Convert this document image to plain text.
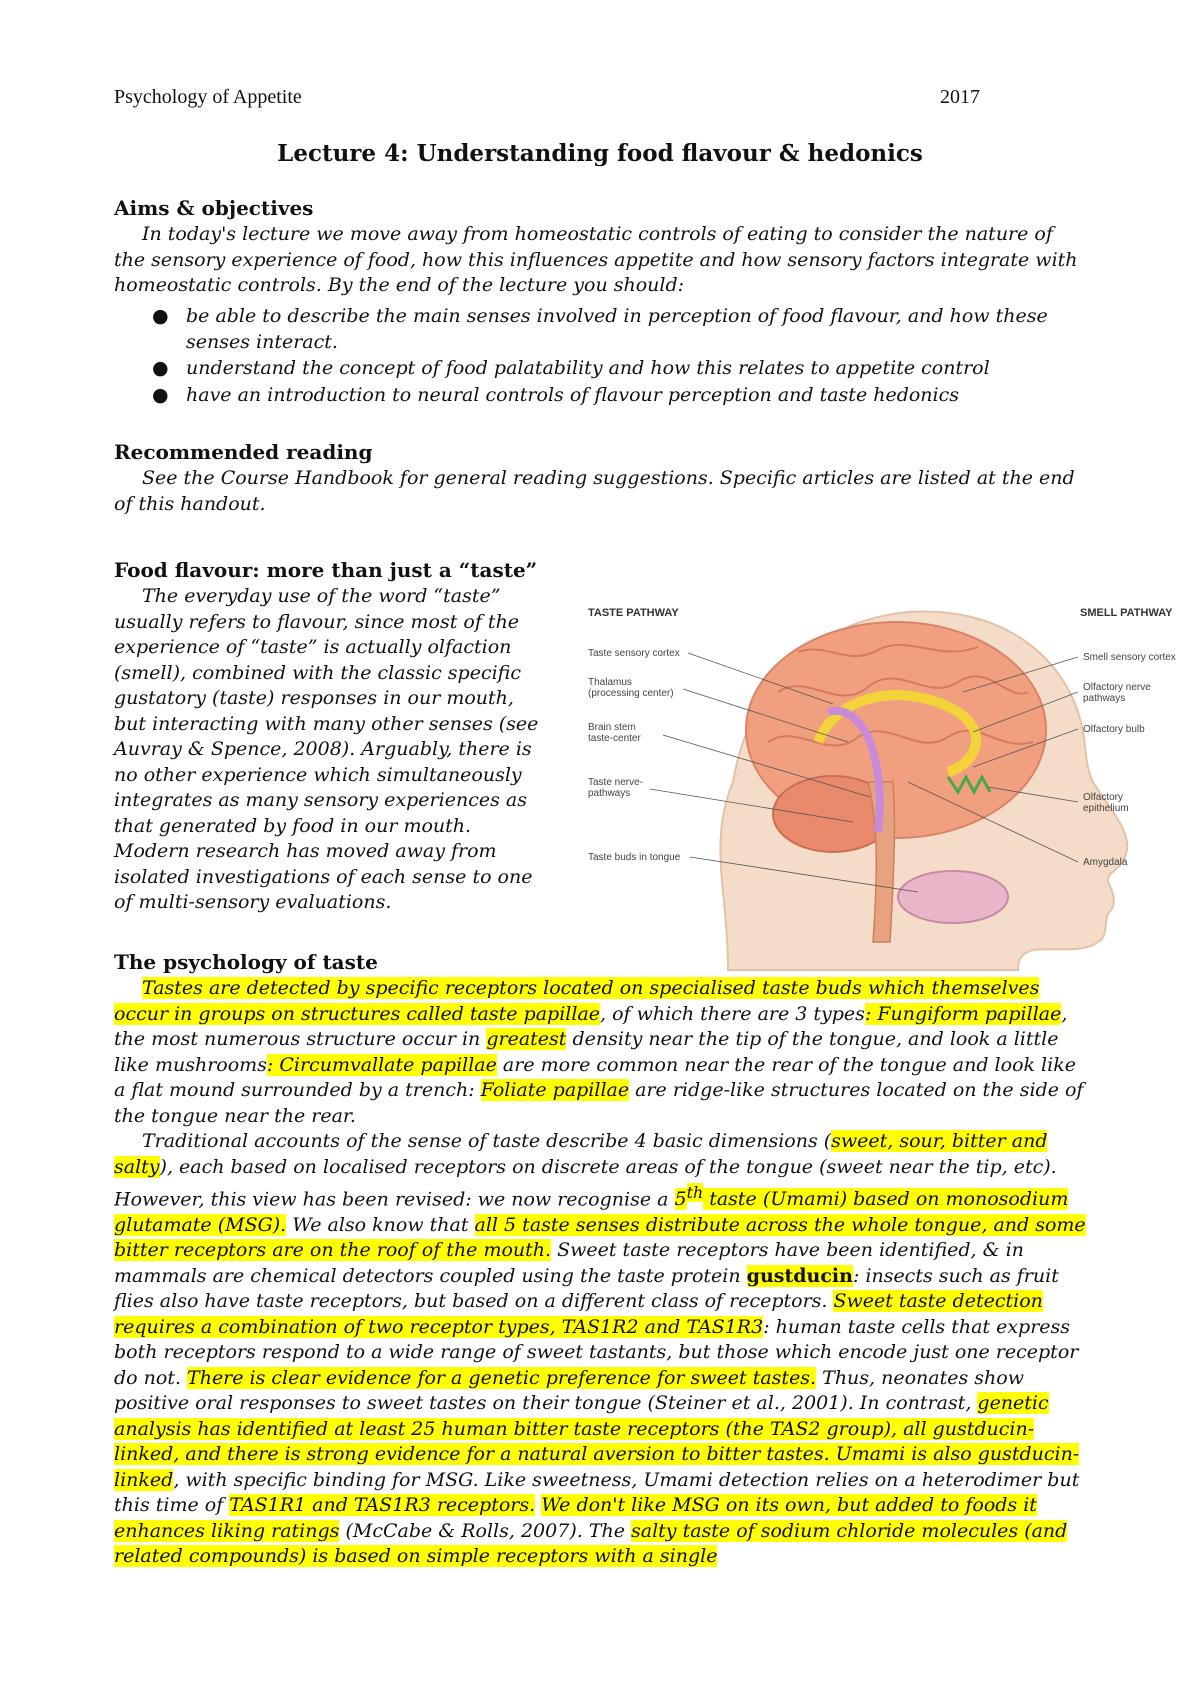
Psychology of Appetite	2017
Lecture 4: Understanding food flavour & hedonics
Aims & objectives

In today's lecture we move away from homeostatic controls of eating to consider the nature of the sensory experience of food, how this influences appetite and how sensory factors integrate with homeostatic controls. By the end of the lecture you should:

● be able to describe the main senses involved in perception of food flavour, and how these senses interact.
● understand the concept of food palatability and how this relates to appetite control
● have an introduction to neural controls of flavour perception and taste hedonics
Recommended reading

See the Course Handbook for general reading suggestions. Specific articles are listed at the end of this handout.

Food flavour: more than just a “taste”

The everyday use of the word “taste” usually refers to flavour, since most of the experience of “taste” is actually olfaction (smell), combined with the classic specific gustatory (taste) responses in our mouth, but interacting with many other senses (see Auvray & Spence, 2008). Arguably, there is no other experience which simultaneously integrates as many sensory experiences as that generated by food in our mouth. Modern research has moved away from isolated investigations of each sense to one of multi-sensory evaluations.

TASTE PATHWAY	SMELL PATHWAY
Taste sensory cortex
Thalamus
(processing center)
Brain stem
taste-center
Taste nerve-
pathways
Taste buds in tongue
Smell sensory cortex
Olfactory nerve
pathways
Olfactory bulb
Olfactory
epithelium
Amygdala
The psychology of taste

Tastes are detected by specific receptors located on specialised taste buds which themselves occur in groups on structures called taste papillae, of which there are 3 types: Fungiform papillae, the most numerous structure occur in greatest density near the tip of the tongue, and look a little like mushrooms: Circumvallate papillae are more common near the rear of the tongue and look like a flat mound surrounded by a trench: Foliate papillae are ridge-like structures located on the side of the tongue near the rear.

Traditional accounts of the sense of taste describe 4 basic dimensions (sweet, sour, bitter and salty), each based on localised receptors on discrete areas of the tongue (sweet near the tip, etc). However, this view has been revised: we now recognise a 5th taste (Umami) based on monosodium glutamate (MSG). We also know that all 5 taste senses distribute across the whole tongue, and some bitter receptors are on the roof of the mouth. Sweet taste receptors have been identified, & in mammals are chemical detectors coupled using the taste protein gustducin: insects such as fruit flies also have taste receptors, but based on a different class of receptors. Sweet taste detection requires a combination of two receptor types, TAS1R2 and TAS1R3: human taste cells that express both receptors respond to a wide range of sweet tastants, but those which encode just one receptor do not. There is clear evidence for a genetic preference for sweet tastes. Thus, neonates show positive oral responses to sweet tastes on their tongue (Steiner et al., 2001). In contrast, genetic analysis has identified at least 25 human bitter taste receptors (the TAS2 group), all gustducin-linked, and there is strong evidence for a natural aversion to bitter tastes. Umami is also gustducin-linked, with specific binding for MSG. Like sweetness, Umami detection relies on a heterodimer but this time of TAS1R1 and TAS1R3 receptors. We don't like MSG on its own, but added to foods it enhances liking ratings (McCabe & Rolls, 2007). The salty taste of sodium chloride molecules (and related compounds) is based on simple receptors with a single
